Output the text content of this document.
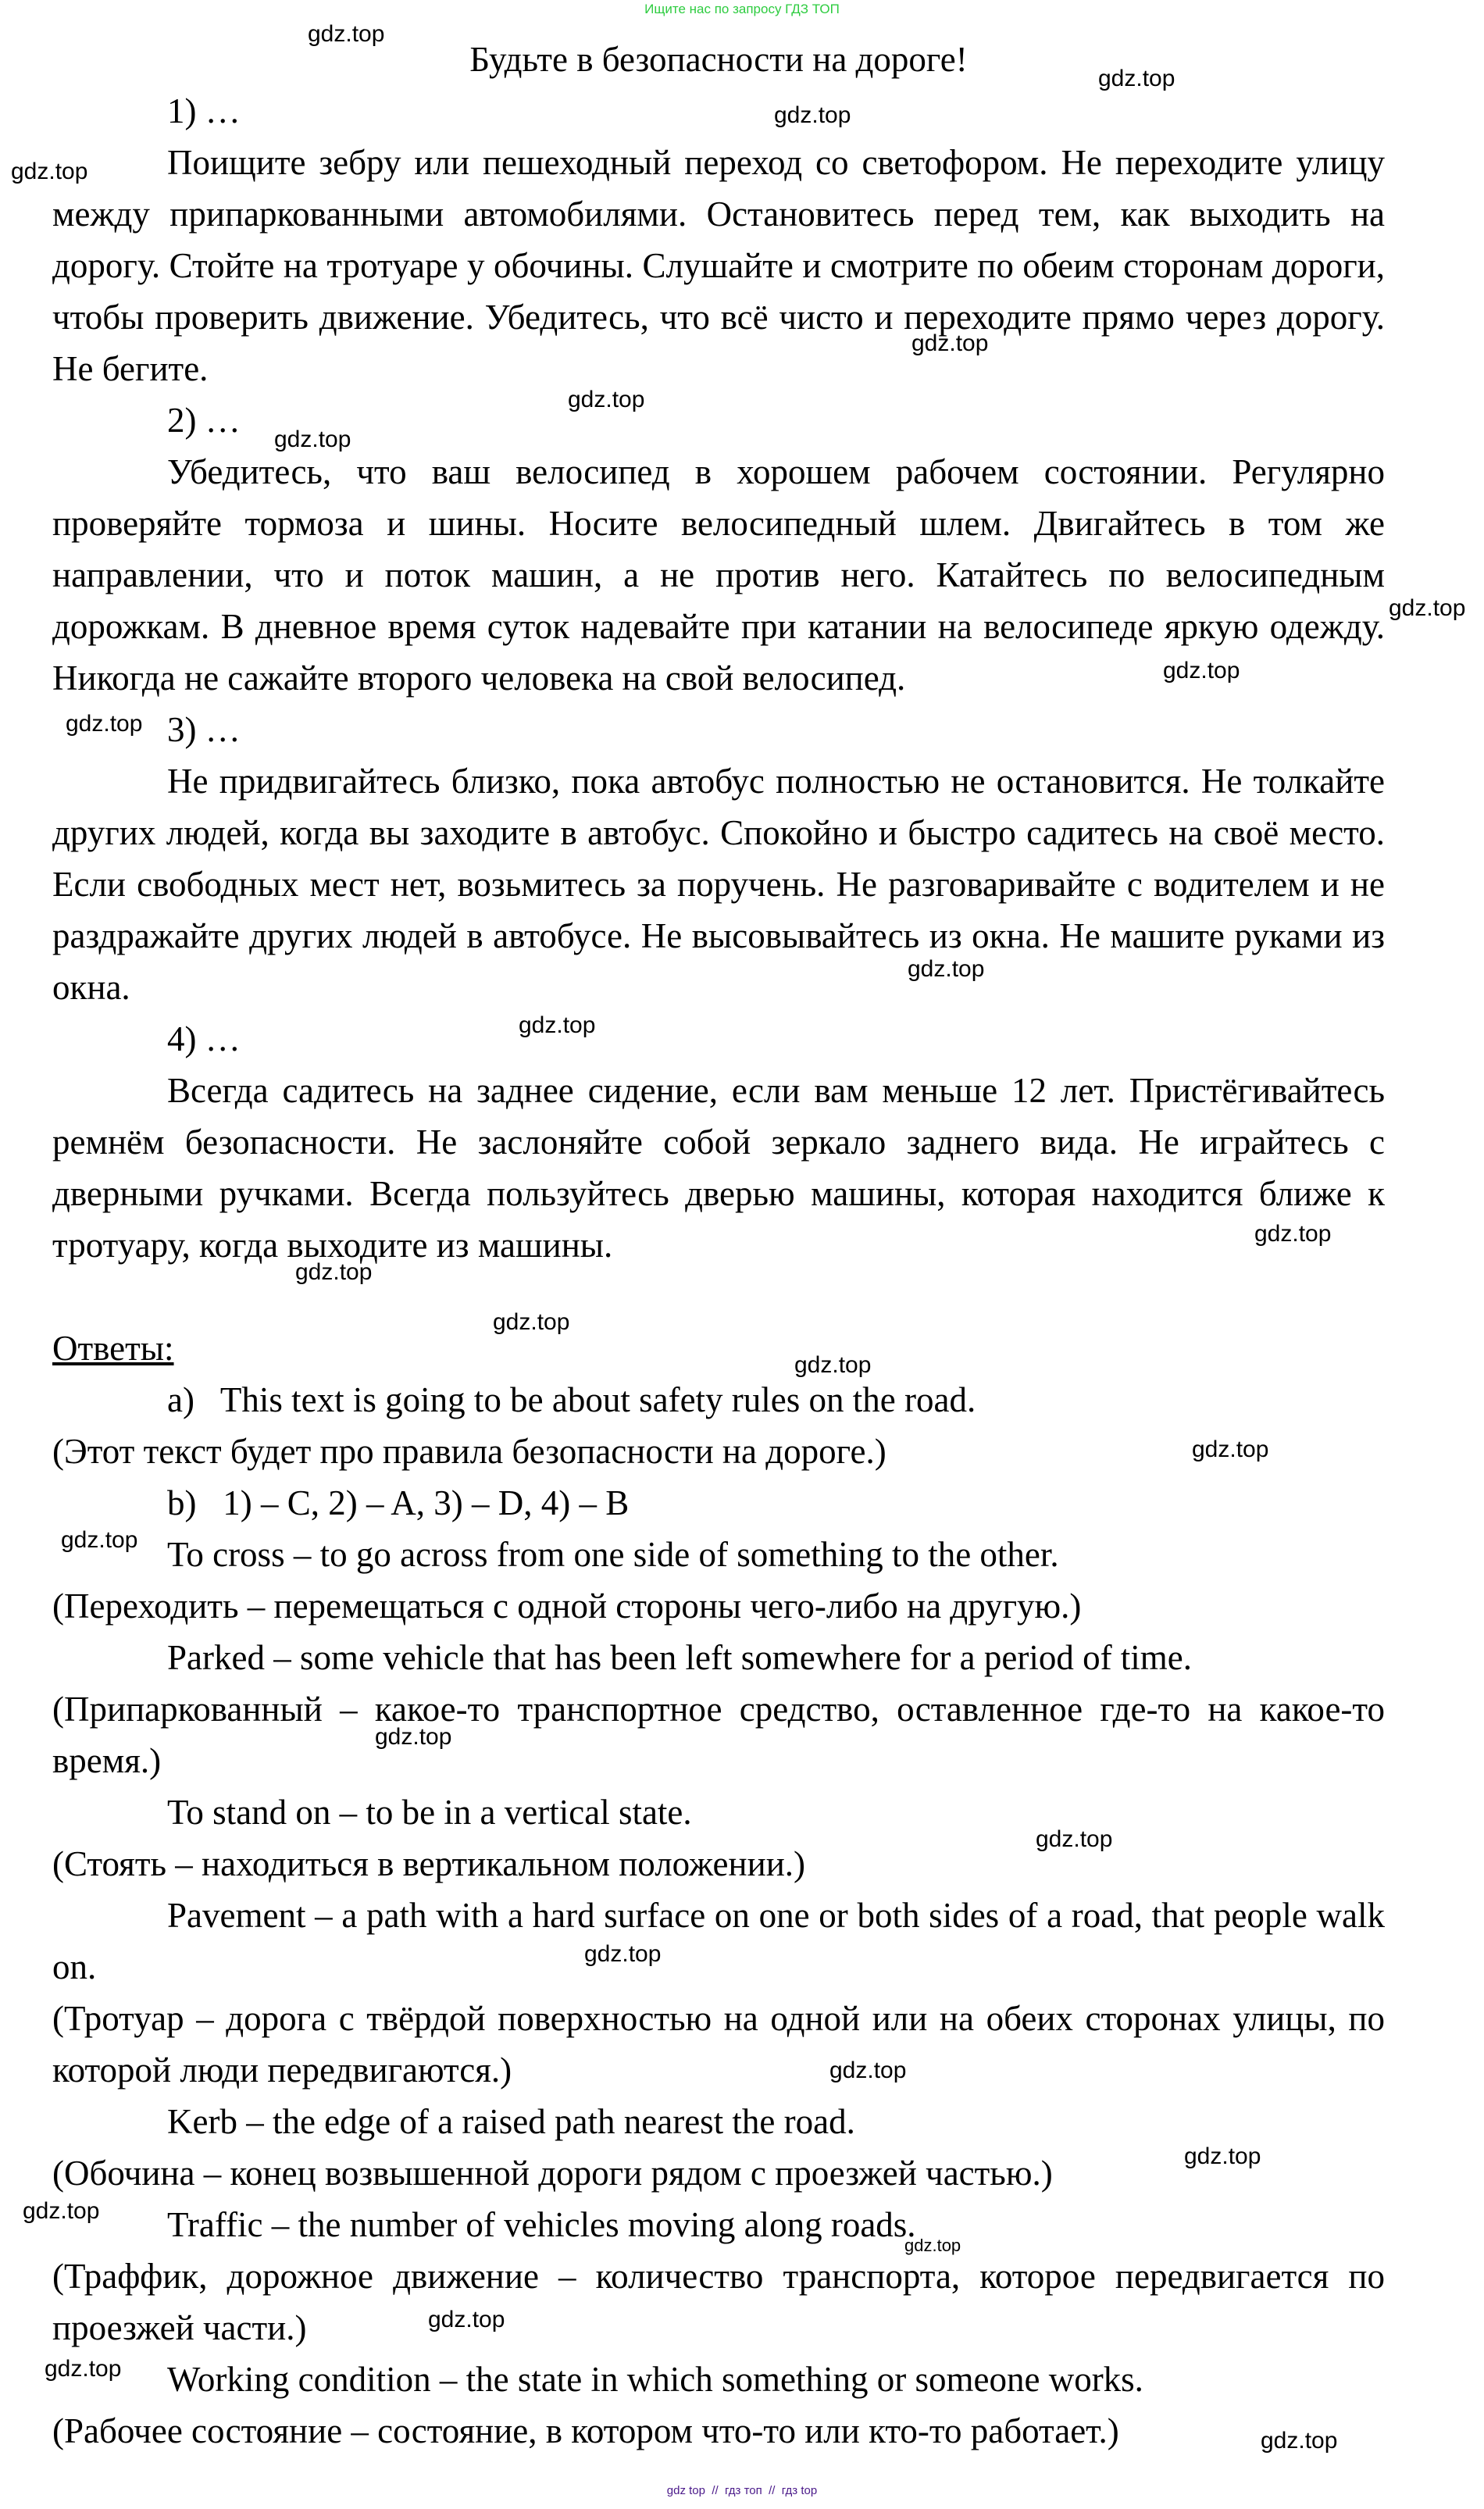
Ищите нас по запросу ГДЗ ТОП

Будьте в безопасности на дороге!

1) …

Поищите зебру или пешеходный переход со светофором. Не переходите улицу между припаркованными автомобилями. Остановитесь перед тем, как выходить на дорогу. Стойте на тротуаре у обочины. Слушайте и смотрите по обеим сторонам дороги, чтобы проверить движение. Убедитесь, что всё чисто и переходите прямо через дорогу. Не бегите.

2) …

Убедитесь, что ваш велосипед в хорошем рабочем состоянии. Регулярно проверяйте тормоза и шины. Носите велосипедный шлем. Двигайтесь в том же направлении, что и поток машин, а не против него. Катайтесь по велосипедным дорожкам. В дневное время суток надевайте при катании на велосипеде яркую одежду. Никогда не сажайте второго человека на свой велосипед.

3) …

Не придвигайтесь близко, пока автобус полностью не остановится. Не толкайте других людей, когда вы заходите в автобус. Спокойно и быстро садитесь на своё место. Если свободных мест нет, возьмитесь за поручень. Не разговаривайте с водителем и не раздражайте других людей в автобусе. Не высовывайтесь из окна. Не машите руками из окна.

4) …

Всегда садитесь на заднее сидение, если вам меньше 12 лет. Пристёгивайтесь ремнём безопасности. Не заслоняйте собой зеркало заднего вида. Не играйтесь с дверными ручками. Всегда пользуйтесь дверью машины, которая находится ближе к тротуару, когда выходите из машины.

Ответы:

a)   This text is going to be about safety rules on the road.

(Этот текст будет про правила безопасности на дороге.)

b)   1) – C, 2) – A, 3) – D, 4) – B

To cross – to go across from one side of something to the other.

(Переходить – перемещаться с одной стороны чего-либо на другую.)

Parked – some vehicle that has been left somewhere for a period of time.

(Припаркованный – какое-то транспортное средство, оставленное где-то на какое-то время.)

To stand on – to be in a vertical state.

(Стоять – находиться в вертикальном положении.)

Pavement – a path with a hard surface on one or both sides of a road, that people walk on.

(Тротуар – дорога с твёрдой поверхностью на одной или на обеих сторонах улицы, по которой люди передвигаются.)

Kerb – the edge of a raised path nearest the road.

(Обочина – конец возвышенной дороги рядом с проезжей частью.)

Traffic – the number of vehicles moving along roads.

(Траффик, дорожное движение – количество транспорта, которое передвигается по проезжей части.)

Working condition – the state in which something or someone works.

(Рабочее состояние – состояние, в котором что-то или кто-то работает.)

gdz.top
gdz.top
gdz.top
gdz.top
gdz.top
gdz.top
gdz.top
gdz.top
gdz.top
gdz.top
gdz.top
gdz.top
gdz.top
gdz.top
gdz.top
gdz.top
gdz.top
gdz.top
gdz.top
gdz.top
gdz.top
gdz.top
gdz.top
gdz.top
gdz.top
gdz.top
gdz.top
gdz.top
gdz top  //  гдз топ  //  гдз top
